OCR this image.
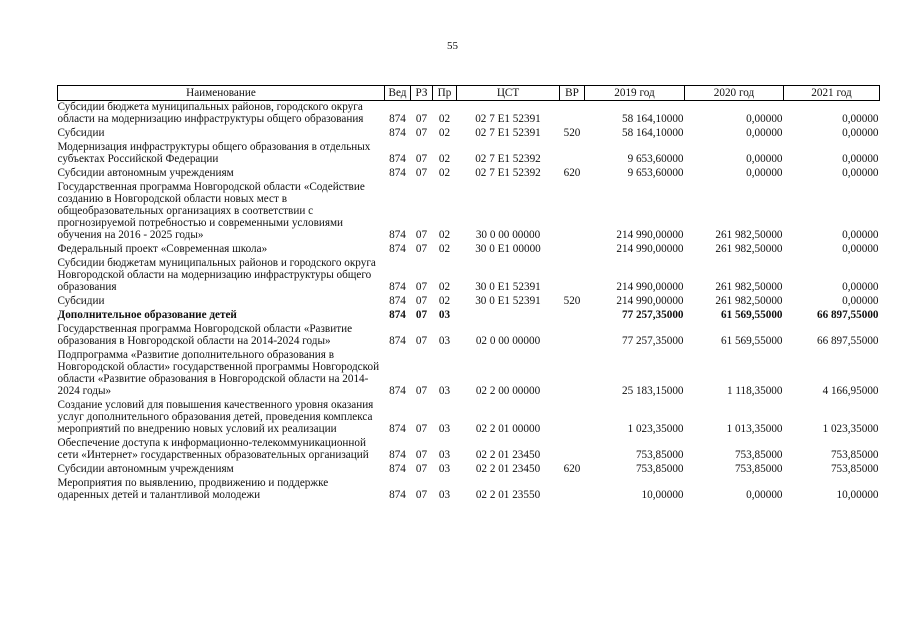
55
Наименование	Вед	РЗ	Пр	ЦСТ	ВР	2019 год	2020 год	2021 год
Субсидии бюджета муниципальных районов, городского округа области на модернизацию инфраструктуры общего образования	874	07	02	02 7 E1 52391		58 164,10000	0,00000	0,00000
Субсидии	874	07	02	02 7 E1 52391	520	58 164,10000	0,00000	0,00000
Модернизация инфраструктуры общего образования в отдельных субъектах Российской Федерации	874	07	02	02 7 E1 52392		9 653,60000	0,00000	0,00000
Субсидии автономным учреждениям	874	07	02	02 7 E1 52392	620	9 653,60000	0,00000	0,00000
Государственная программа Новгородской области «Содействие созданию в Новгородской области новых мест в общеобразовательных организациях в соответствии с прогнозируемой потребностью и современными условиями обучения на 2016 - 2025 годы»	874	07	02	30 0 00 00000		214 990,00000	261 982,50000	0,00000
Федеральный проект «Современная школа»	874	07	02	30 0 E1 00000		214 990,00000	261 982,50000	0,00000
Субсидии бюджетам муниципальных районов и городского округа Новгородской области на модернизацию инфраструктуры общего образования	874	07	02	30 0 E1 52391		214 990,00000	261 982,50000	0,00000
Субсидии	874	07	02	30 0 E1 52391	520	214 990,00000	261 982,50000	0,00000
Дополнительное образование детей	874	07	03			77 257,35000	61 569,55000	66 897,55000
Государственная программа Новгородской области «Развитие образования в Новгородской области на 2014-2024 годы»	874	07	03	02 0 00 00000		77 257,35000	61 569,55000	66 897,55000
Подпрограмма «Развитие дополнительного образования в Новгородской области» государственной программы Новгородской области «Развитие образования в Новгородской области на 2014-2024 годы»	874	07	03	02 2 00 00000		25 183,15000	1 118,35000	4 166,95000
Создание условий для повышения качественного уровня оказания услуг дополнительного образования детей, проведения комплекса мероприятий по внедрению новых условий их реализации	874	07	03	02 2 01 00000		1 023,35000	1 013,35000	1 023,35000
Обеспечение доступа к информационно-телекоммуникационной сети «Интернет» государственных образовательных организаций	874	07	03	02 2 01 23450		753,85000	753,85000	753,85000
Субсидии автономным учреждениям	874	07	03	02 2 01 23450	620	753,85000	753,85000	753,85000
Мероприятия по выявлению, продвижению и поддержке одаренных детей и талантливой молодежи	874	07	03	02 2 01 23550		10,00000	0,00000	10,00000
